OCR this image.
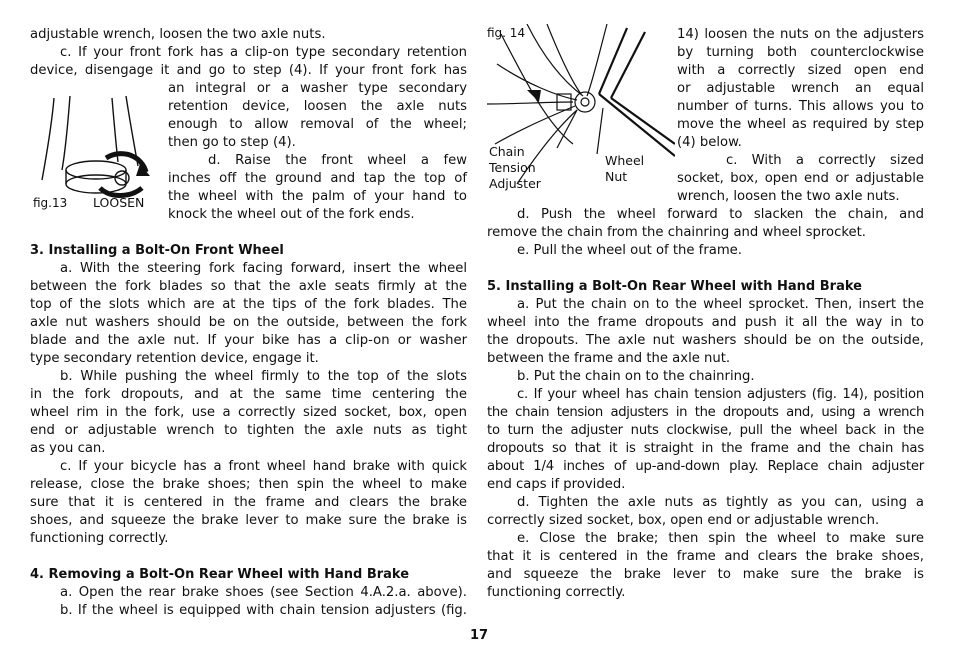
adjustable wrench, loosen the two axle nuts.
c. If your front fork has a clip-on type secondary retention
device, disengage it and go to step (4). If your front fork has
an integral or a washer type secondary
retention device, loosen the axle nuts
enough to allow removal of the wheel;
then go to step (4).
d. Raise the front wheel a few
inches off the ground and tap the top of
the wheel with the palm of your hand to
knock the wheel out of the fork ends.
fig.13 LOOSEN
3. Installing a Bolt-On Front Wheel
a. With the steering fork facing forward, insert the wheel
between the fork blades so that the axle seats firmly at the
top of the slots which are at the tips of the fork blades. The
axle nut washers should be on the outside, between the fork
blade and the axle nut. If your bike has a clip-on or washer
type secondary retention device, engage it.
b. While pushing the wheel firmly to the top of the slots
in the fork dropouts, and at the same time centering the
wheel rim in the fork, use a correctly sized socket, box, open
end or adjustable wrench to tighten the axle nuts as tight
as you can.
c. If your bicycle has a front wheel hand brake with quick
release, close the brake shoes; then spin the wheel to make
sure that it is centered in the frame and clears the brake
shoes, and squeeze the brake lever to make sure the brake is
functioning correctly.
4. Removing a Bolt-On Rear Wheel with Hand Brake
a. Open the rear brake shoes (see Section 4.A.2.a. above).
b. If the wheel is equipped with chain tension adjusters (fig.
fig. 14
Chain
Tension
Adjuster
Wheel
Nut
14) loosen the nuts on the adjusters
by turning both counterclockwise
with a correctly sized open end
or adjustable wrench an equal
number of turns. This allows you to
move the wheel as required by step
(4) below.
c. With a correctly sized
socket, box, open end or adjustable
wrench, loosen the two axle nuts.
d. Push the wheel forward to slacken the chain, and
remove the chain from the chainring and wheel sprocket.
e. Pull the wheel out of the frame.
5. Installing a Bolt-On Rear Wheel with Hand Brake
a. Put the chain on to the wheel sprocket. Then, insert the
wheel into the frame dropouts and push it all the way in to
the dropouts. The axle nut washers should be on the outside,
between the frame and the axle nut.
b. Put the chain on to the chainring.
c. If your wheel has chain tension adjusters (fig. 14), position
the chain tension adjusters in the dropouts and, using a wrench
to turn the adjuster nuts clockwise, pull the wheel back in the
dropouts so that it is straight in the frame and the chain has
about 1/4 inches of up-and-down play. Replace chain adjuster
end caps if provided.
d. Tighten the axle nuts as tightly as you can, using a
correctly sized socket, box, open end or adjustable wrench.
e. Close the brake; then spin the wheel to make sure
that it is centered in the frame and clears the brake shoes,
and squeeze the brake lever to make sure the brake is
functioning correctly.
17
